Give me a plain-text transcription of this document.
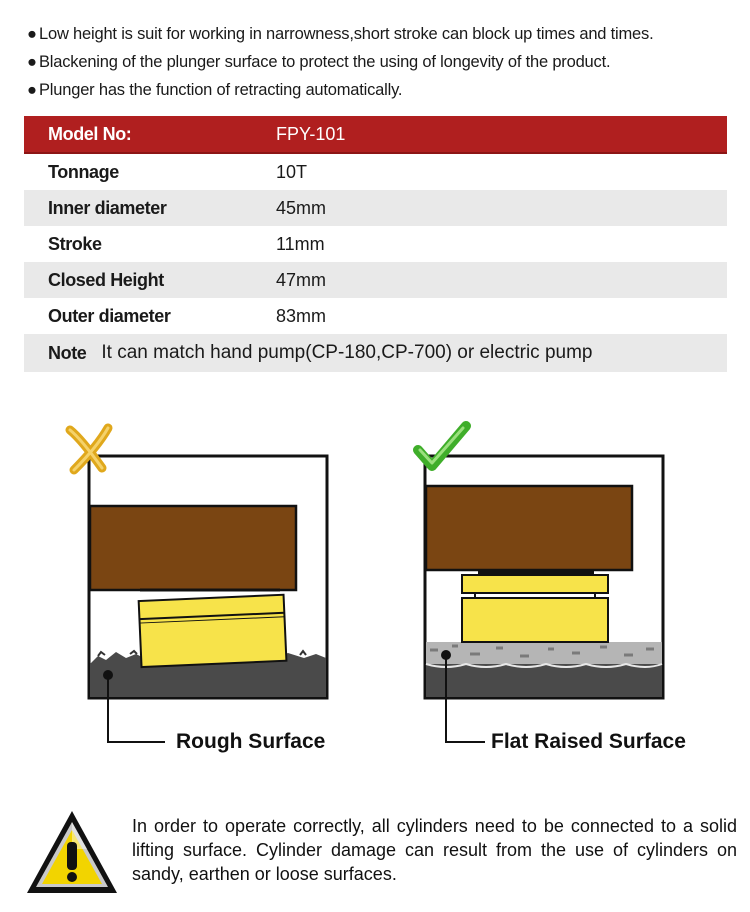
● Low height is suit for working in narrowness,short stroke can block up times and times.
● Blackening of the plunger surface to protect the using of longevity of the product.
● Plunger has the function of retracting automatically.
Model No:	FPY-101
Tonnage	10T
Inner diameter	45mm
Stroke	11mm
Closed Height	47mm
Outer diameter	83mm
Note It can match hand pump(CP-180,CP-700) or electric pump
Rough Surface	Flat Raised Surface
In order to operate correctly, all cylinders need to be connected to a solid lifting surface. Cylinder damage can result from the use of cylinders on sandy, earthen or loose surfaces.
